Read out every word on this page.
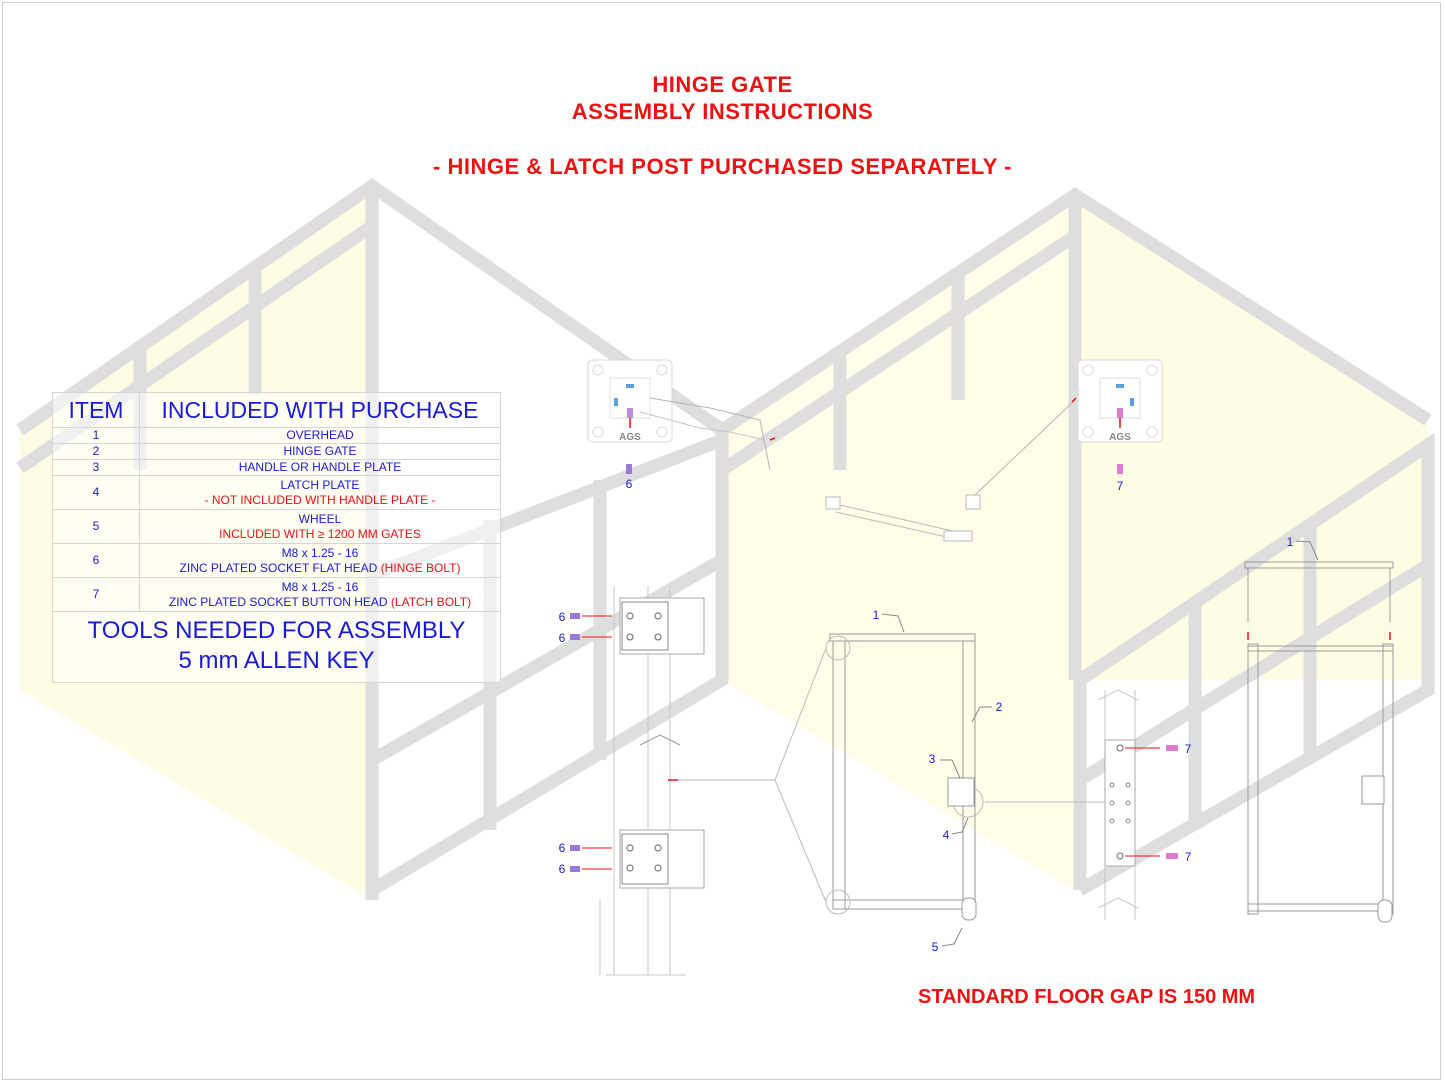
AGS
6
AGS
7
6
6
6
6
1
2
3
4
5
7
7
1
HINGE GATE
ASSEMBLY INSTRUCTIONS
- HINGE & LATCH POST PURCHASED SEPARATELY -
ITEM	INCLUDED WITH PURCHASE
1	OVERHEAD
2	HINGE GATE
3	HANDLE OR HANDLE PLATE
4	LATCH PLATE
- NOT INCLUDED WITH HANDLE PLATE -

5	WHEEL
INCLUDED WITH ≥ 1200 MM GATES

6	M8 x 1.25 - 16
ZINC PLATED SOCKET FLAT HEAD (HINGE BOLT)

7	M8 x 1.25 - 16
ZINC PLATED SOCKET BUTTON HEAD (LATCH BOLT)

TOOLS NEEDED FOR ASSEMBLY
5 mm ALLEN KEY	
STANDARD FLOOR GAP IS 150 MM
